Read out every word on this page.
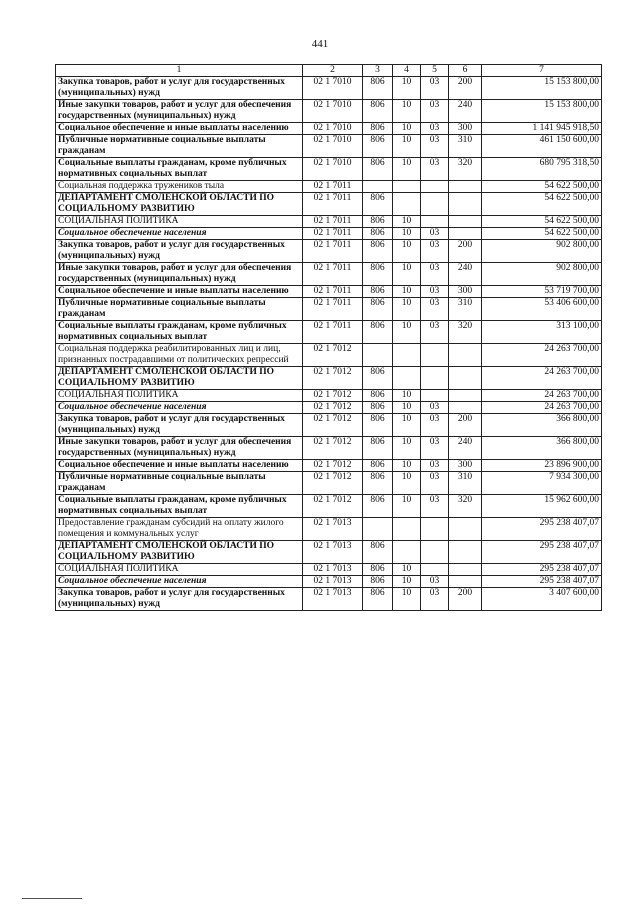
441
1	2	3	4	5	6	7
Закупка товаров, работ и услуг для государственных (муниципальных) нужд	02 1 7010	806	10	03	200	15 153 800,00
Иные закупки товаров, работ и услуг для обеспечения государственных (муниципальных) нужд	02 1 7010	806	10	03	240	15 153 800,00
Социальное обеспечение и иные выплаты населению	02 1 7010	806	10	03	300	1 141 945 918,50
Публичные нормативные социальные выплаты гражданам	02 1 7010	806	10	03	310	461 150 600,00
Социальные выплаты гражданам, кроме публичных нормативных социальных выплат	02 1 7010	806	10	03	320	680 795 318,50
Социальная поддержка тружеников тыла	02 1 7011					54 622 500,00
ДЕПАРТАМЕНТ СМОЛЕНСКОЙ ОБЛАСТИ ПО СОЦИАЛЬНОМУ РАЗВИТИЮ	02 1 7011	806				54 622 500,00
СОЦИАЛЬНАЯ ПОЛИТИКА	02 1 7011	806	10			54 622 500,00
Социальное обеспечение населения	02 1 7011	806	10	03		54 622 500,00
Закупка товаров, работ и услуг для государственных (муниципальных) нужд	02 1 7011	806	10	03	200	902 800,00
Иные закупки товаров, работ и услуг для обеспечения государственных (муниципальных) нужд	02 1 7011	806	10	03	240	902 800,00
Социальное обеспечение и иные выплаты населению	02 1 7011	806	10	03	300	53 719 700,00
Публичные нормативные социальные выплаты гражданам	02 1 7011	806	10	03	310	53 406 600,00
Социальные выплаты гражданам, кроме публичных нормативных социальных выплат	02 1 7011	806	10	03	320	313 100,00
Социальная поддержка реабилитированных лиц и лиц, признанных пострадавшими от политических репрессий	02 1 7012					24 263 700,00
ДЕПАРТАМЕНТ СМОЛЕНСКОЙ ОБЛАСТИ ПО СОЦИАЛЬНОМУ РАЗВИТИЮ	02 1 7012	806				24 263 700,00
СОЦИАЛЬНАЯ ПОЛИТИКА	02 1 7012	806	10			24 263 700,00
Социальное обеспечение населения	02 1 7012	806	10	03		24 263 700,00
Закупка товаров, работ и услуг для государственных (муниципальных) нужд	02 1 7012	806	10	03	200	366 800,00
Иные закупки товаров, работ и услуг для обеспечения государственных (муниципальных) нужд	02 1 7012	806	10	03	240	366 800,00
Социальное обеспечение и иные выплаты населению	02 1 7012	806	10	03	300	23 896 900,00
Публичные нормативные социальные выплаты гражданам	02 1 7012	806	10	03	310	7 934 300,00
Социальные выплаты гражданам, кроме публичных нормативных социальных выплат	02 1 7012	806	10	03	320	15 962 600,00
Предоставление гражданам субсидий на оплату жилого помещения и коммунальных услуг	02 1 7013					295 238 407,07
ДЕПАРТАМЕНТ СМОЛЕНСКОЙ ОБЛАСТИ ПО СОЦИАЛЬНОМУ РАЗВИТИЮ	02 1 7013	806				295 238 407,07
СОЦИАЛЬНАЯ ПОЛИТИКА	02 1 7013	806	10			295 238 407,07
Социальное обеспечение населения	02 1 7013	806	10	03		295 238 407,07
Закупка товаров, работ и услуг для государственных (муниципальных) нужд	02 1 7013	806	10	03	200	3 407 600,00
